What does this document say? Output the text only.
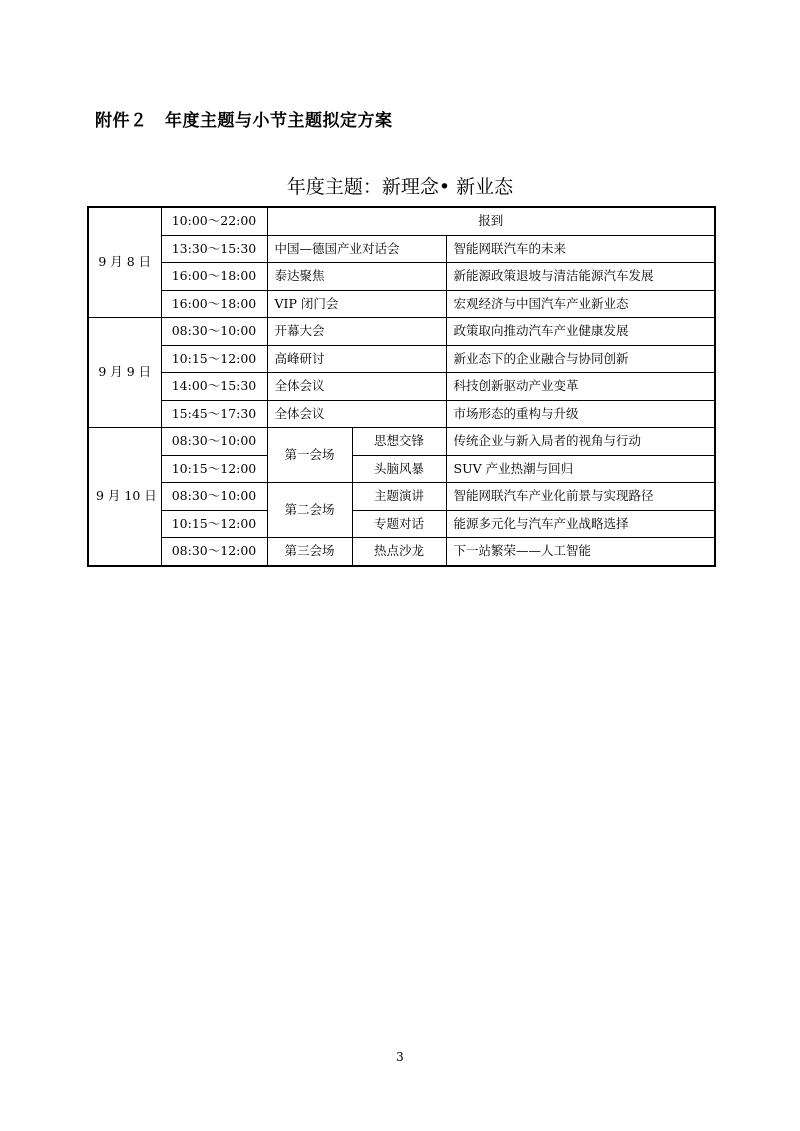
附件２　年度主题与小节主题拟定方案
年度主题：新理念• 新业态
9 月 8 日	10:00～22:00	报到		
	13:30～15:30	中国—德国产业对话会		智能网联汽车的未来
	16:00～18:00	泰达聚焦		新能源政策退坡与清洁能源汽车发展
	16:00～18:00	VIP 闭门会		宏观经济与中国汽车产业新业态
9 月 9 日	08:30～10:00	开幕大会		政策取向推动汽车产业健康发展
	10:15～12:00	高峰研讨		新业态下的企业融合与协同创新
	14:00～15:30	全体会议		科技创新驱动产业变革
	15:45～17:30	全体会议		市场形态的重构与升级
9 月 10 日	08:30～10:00	第一会场	思想交锋	传统企业与新入局者的视角与行动
	10:15～12:00		头脑风暴	SUV 产业热潮与回归
	08:30～10:00	第二会场	主题演讲	智能网联汽车产业化前景与实现路径
	10:15～12:00		专题对话	能源多元化与汽车产业战略选择
	08:30～12:00	第三会场	热点沙龙	下一站繁荣——人工智能
3
